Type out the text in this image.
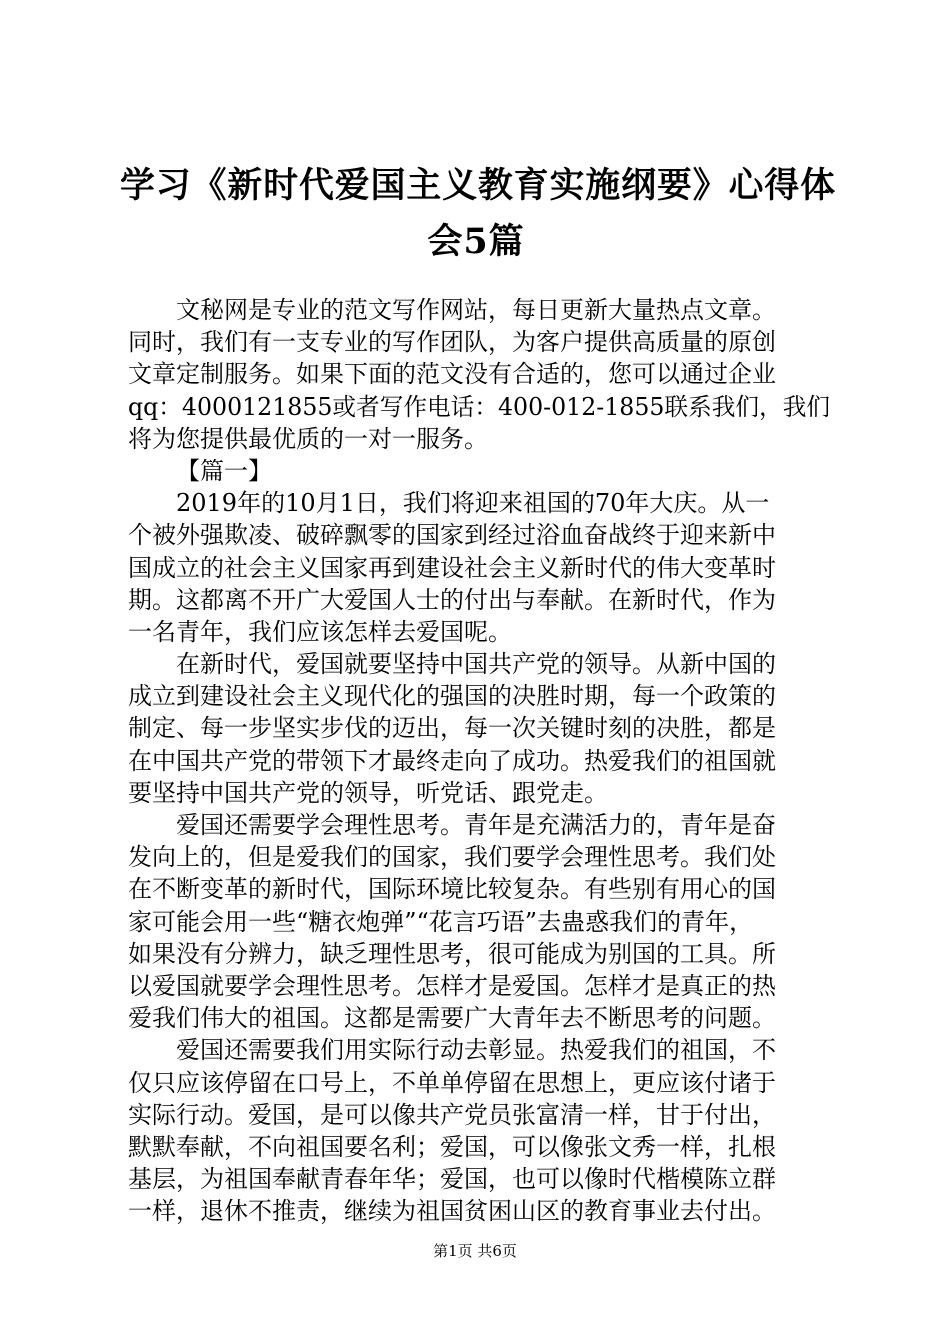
学习《新时代爱国主义教育实施纲要》心得体
会5篇
文秘网是专业的范文写作网站，每日更新大量热点文章。
同时，我们有一支专业的写作团队，为客户提供高质量的原创
文章定制服务。如果下面的范文没有合适的，您可以通过企业
qq：4000121855或者写作电话：400-012-1855联系我们，我们
将为您提供最优质的一对一服务。
【篇一】
2019年的10月1日，我们将迎来祖国的70年大庆。从一
个被外强欺凌、破碎飘零的国家到经过浴血奋战终于迎来新中
国成立的社会主义国家再到建设社会主义新时代的伟大变革时
期。这都离不开广大爱国人士的付出与奉献。在新时代，作为
一名青年，我们应该怎样去爱国呢。
在新时代，爱国就要坚持中国共产党的领导。从新中国的
成立到建设社会主义现代化的强国的决胜时期，每一个政策的
制定、每一步坚实步伐的迈出，每一次关键时刻的决胜，都是
在中国共产党的带领下才最终走向了成功。热爱我们的祖国就
要坚持中国共产党的领导，听党话、跟党走。
爱国还需要学会理性思考。青年是充满活力的，青年是奋
发向上的，但是爱我们的国家，我们要学会理性思考。我们处
在不断变革的新时代，国际环境比较复杂。有些别有用心的国
家可能会用一些“糖衣炮弹”“花言巧语”去蛊惑我们的青年，
如果没有分辨力，缺乏理性思考，很可能成为别国的工具。所
以爱国就要学会理性思考。怎样才是爱国。怎样才是真正的热
爱我们伟大的祖国。这都是需要广大青年去不断思考的问题。
爱国还需要我们用实际行动去彰显。热爱我们的祖国，不
仅只应该停留在口号上，不单单停留在思想上，更应该付诸于
实际行动。爱国，是可以像共产党员张富清一样，甘于付出，
默默奉献，不向祖国要名利；爱国，可以像张文秀一样，扎根
基层，为祖国奉献青春年华；爱国，也可以像时代楷模陈立群
一样，退休不推责，继续为祖国贫困山区的教育事业去付出。
第1页 共6页
